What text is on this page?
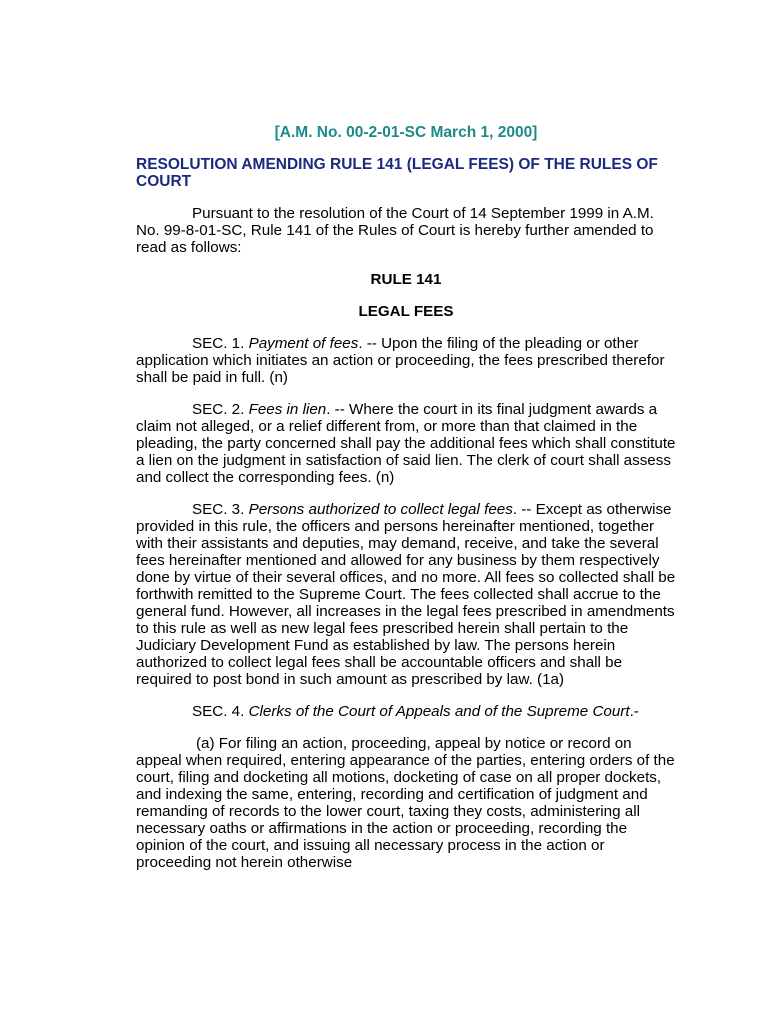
[A.M. No. 00-2-01-SC March 1, 2000]

RESOLUTION AMENDING RULE 141 (LEGAL FEES) OF THE RULES OF COURT

Pursuant to the resolution of the Court of 14 September 1999 in A.M. No. 99-8-01-SC, Rule 141 of the Rules of Court is hereby further amended to read as follows:

RULE 141

LEGAL FEES

SEC. 1. Payment of fees. -- Upon the filing of the pleading or other application which initiates an action or proceeding, the fees prescribed therefor shall be paid in full. (n)

SEC. 2. Fees in lien. -- Where the court in its final judgment awards a claim not alleged, or a relief different from, or more than that claimed in the pleading, the party concerned shall pay the additional fees which shall constitute a lien on the judgment in satisfaction of said lien. The clerk of court shall assess and collect the corresponding fees. (n)

SEC. 3. Persons authorized to collect legal fees. -- Except as otherwise provided in this rule, the officers and persons hereinafter mentioned, together with their assistants and deputies, may demand, receive, and take the several fees hereinafter mentioned and allowed for any business by them respectively done by virtue of their several offices, and no more. All fees so collected shall be forthwith remitted to the Supreme Court. The fees collected shall accrue to the general fund. However, all increases in the legal fees prescribed in amendments to this rule as well as new legal fees prescribed herein shall pertain to the Judiciary Development Fund as established by law. The persons herein authorized to collect legal fees shall be accountable officers and shall be required to post bond in such amount as prescribed by law. (1a)

SEC. 4. Clerks of the Court of Appeals and of the Supreme Court.-

(a) For filing an action, proceeding, appeal by notice or record on appeal when required, entering appearance of the parties, entering orders of the court, filing and docketing all motions, docketing of case on all proper dockets, and indexing the same, entering, recording and certification of judgment and remanding of records to the lower court, taxing they costs, administering all necessary oaths or affirmations in the action or proceeding, recording the opinion of the court, and issuing all necessary process in the action or proceeding not herein otherwise
